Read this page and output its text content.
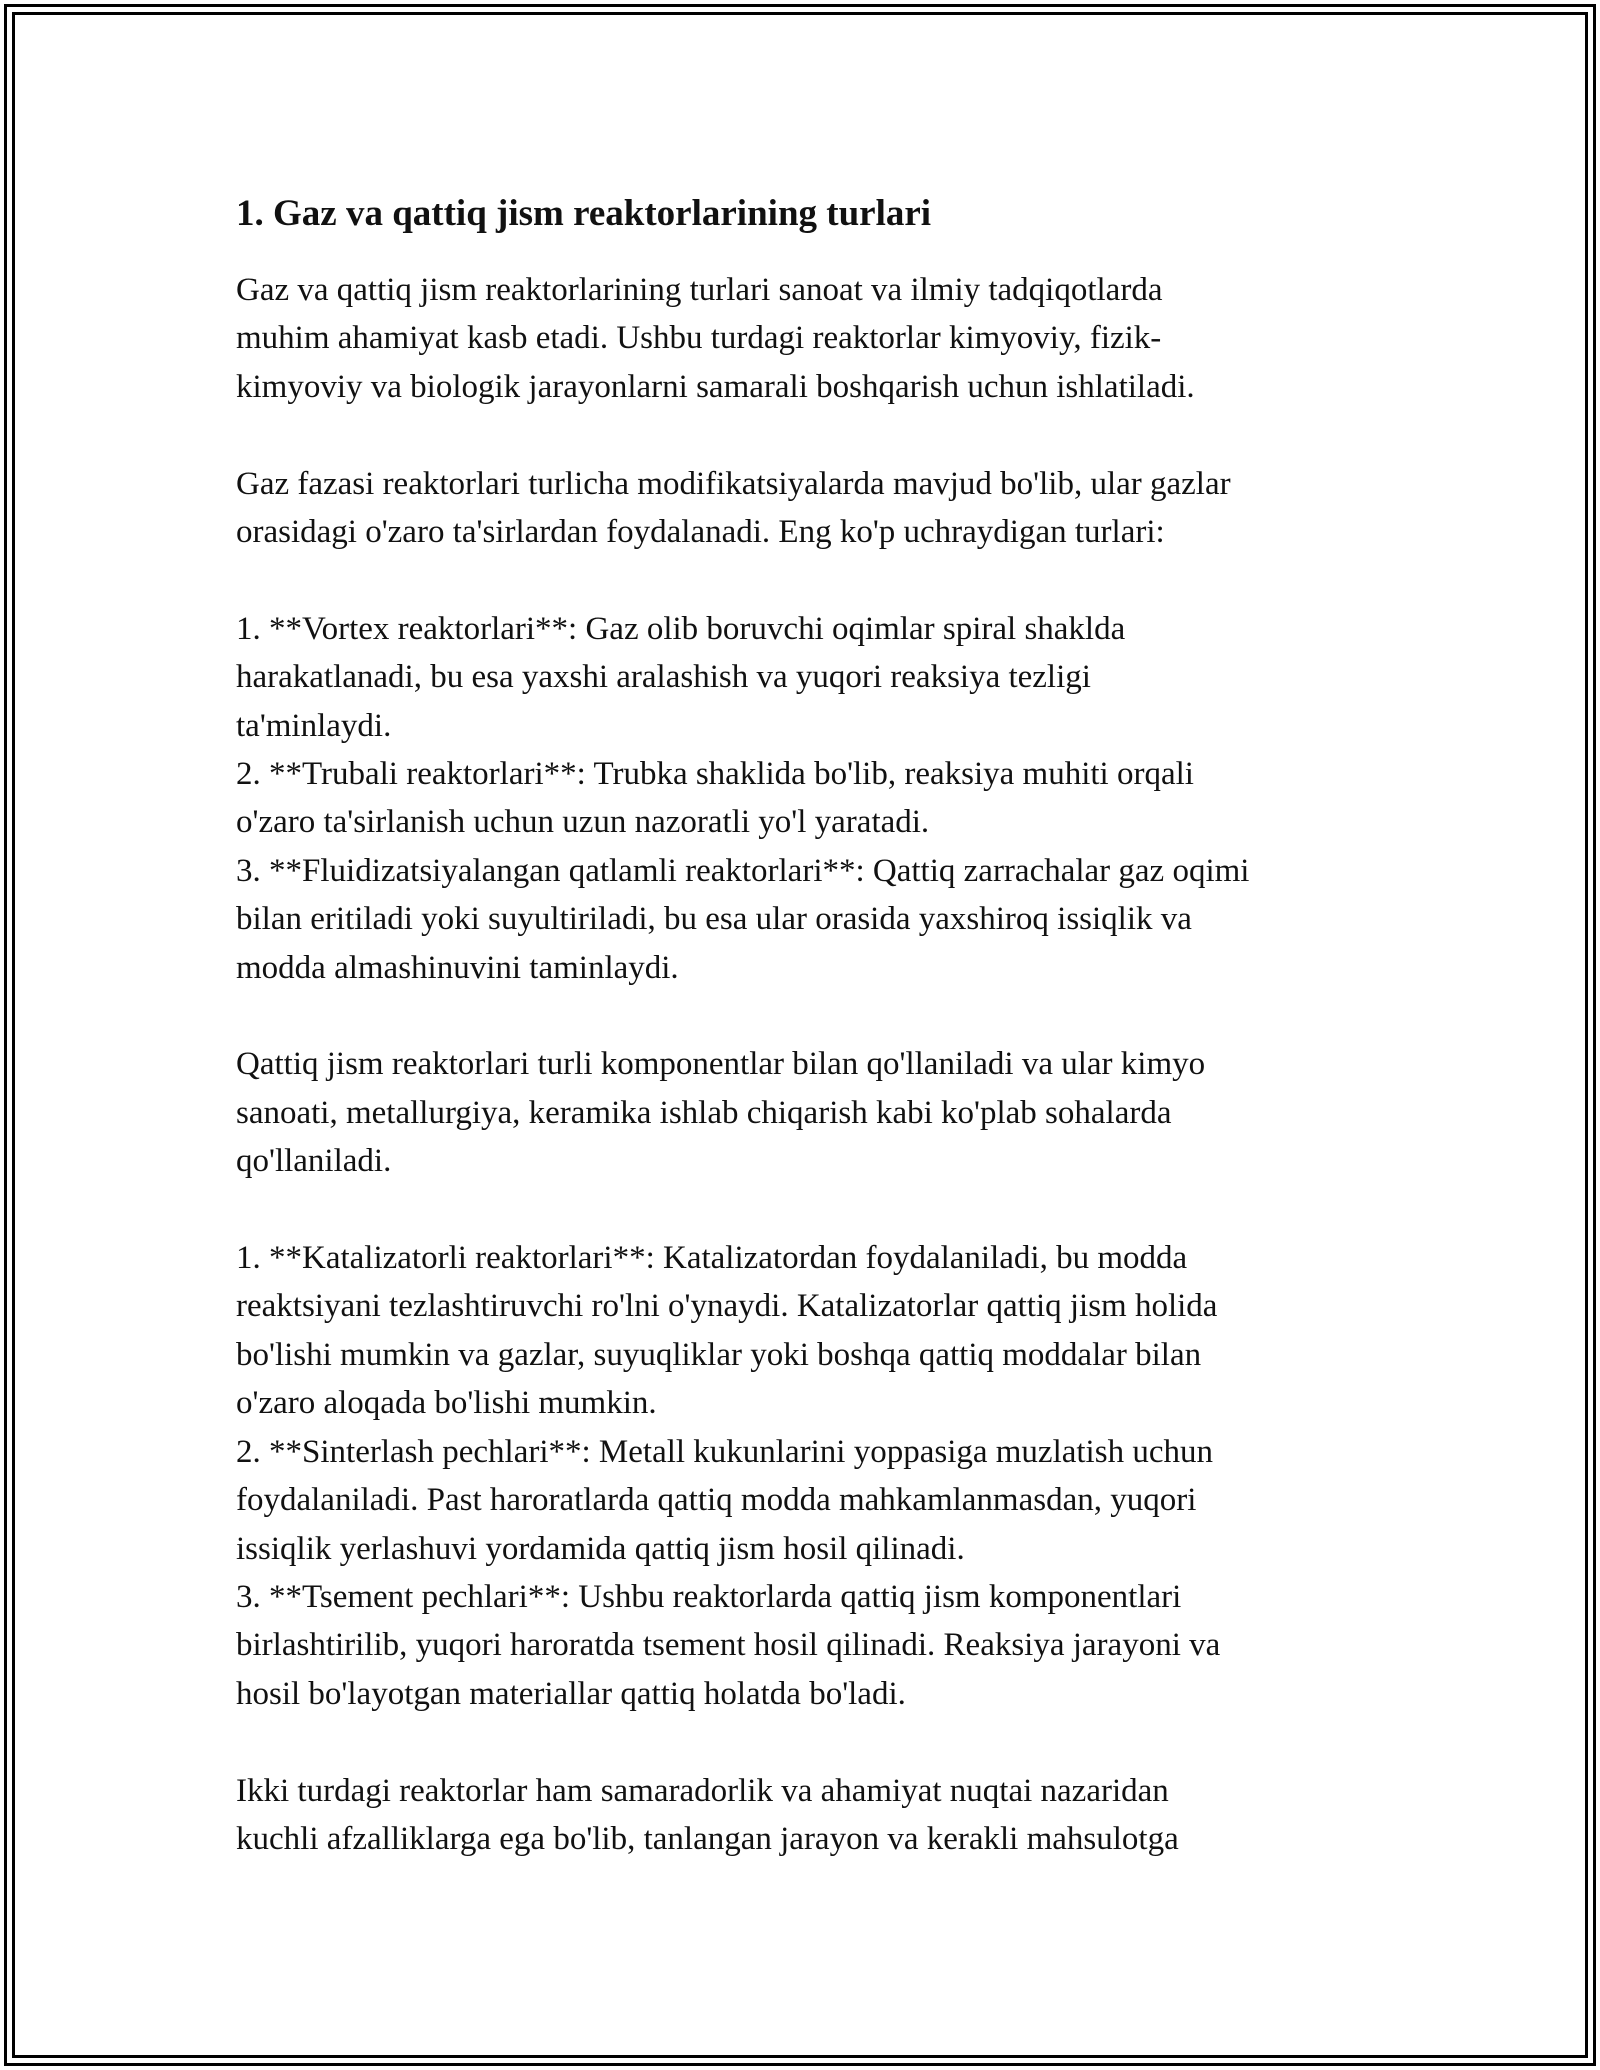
1. Gaz va qattiq jism reaktorlarining turlari

Gaz va qattiq jism reaktorlarining turlari sanoat va ilmiy tadqiqotlarda
muhim ahamiyat kasb etadi. Ushbu turdagi reaktorlar kimyoviy, fizik-
kimyoviy va biologik jarayonlarni samarali boshqarish uchun ishlatiladi.

Gaz fazasi reaktorlari turlicha modifikatsiyalarda mavjud bo'lib, ular gazlar
orasidagi o'zaro ta'sirlardan foydalanadi. Eng ko'p uchraydigan turlari:

1. **Vortex reaktorlari**: Gaz olib boruvchi oqimlar spiral shaklda
harakatlanadi, bu esa yaxshi aralashish va yuqori reaksiya tezligi
ta'minlaydi.
2. **Trubali reaktorlari**: Trubka shaklida bo'lib, reaksiya muhiti orqali
o'zaro ta'sirlanish uchun uzun nazoratli yo'l yaratadi.
3. **Fluidizatsiyalangan qatlamli reaktorlari**: Qattiq zarrachalar gaz oqimi
bilan eritiladi yoki suyultiriladi, bu esa ular orasida yaxshiroq issiqlik va
modda almashinuvini taminlaydi.

Qattiq jism reaktorlari turli komponentlar bilan qo'llaniladi va ular kimyo
sanoati, metallurgiya, keramika ishlab chiqarish kabi ko'plab sohalarda
qo'llaniladi.

1. **Katalizatorli reaktorlari**: Katalizatordan foydalaniladi, bu modda
reaktsiyani tezlashtiruvchi ro'lni o'ynaydi. Katalizatorlar qattiq jism holida
bo'lishi mumkin va gazlar, suyuqliklar yoki boshqa qattiq moddalar bilan
o'zaro aloqada bo'lishi mumkin.
2. **Sinterlash pechlari**: Metall kukunlarini yoppasiga muzlatish uchun
foydalaniladi. Past haroratlarda qattiq modda mahkamlanmasdan, yuqori
issiqlik yerlashuvi yordamida qattiq jism hosil qilinadi.
3. **Tsement pechlari**: Ushbu reaktorlarda qattiq jism komponentlari
birlashtirilib, yuqori haroratda tsement hosil qilinadi. Reaksiya jarayoni va
hosil bo'layotgan materiallar qattiq holatda bo'ladi.

Ikki turdagi reaktorlar ham samaradorlik va ahamiyat nuqtai nazaridan
kuchli afzalliklarga ega bo'lib, tanlangan jarayon va kerakli mahsulotga
